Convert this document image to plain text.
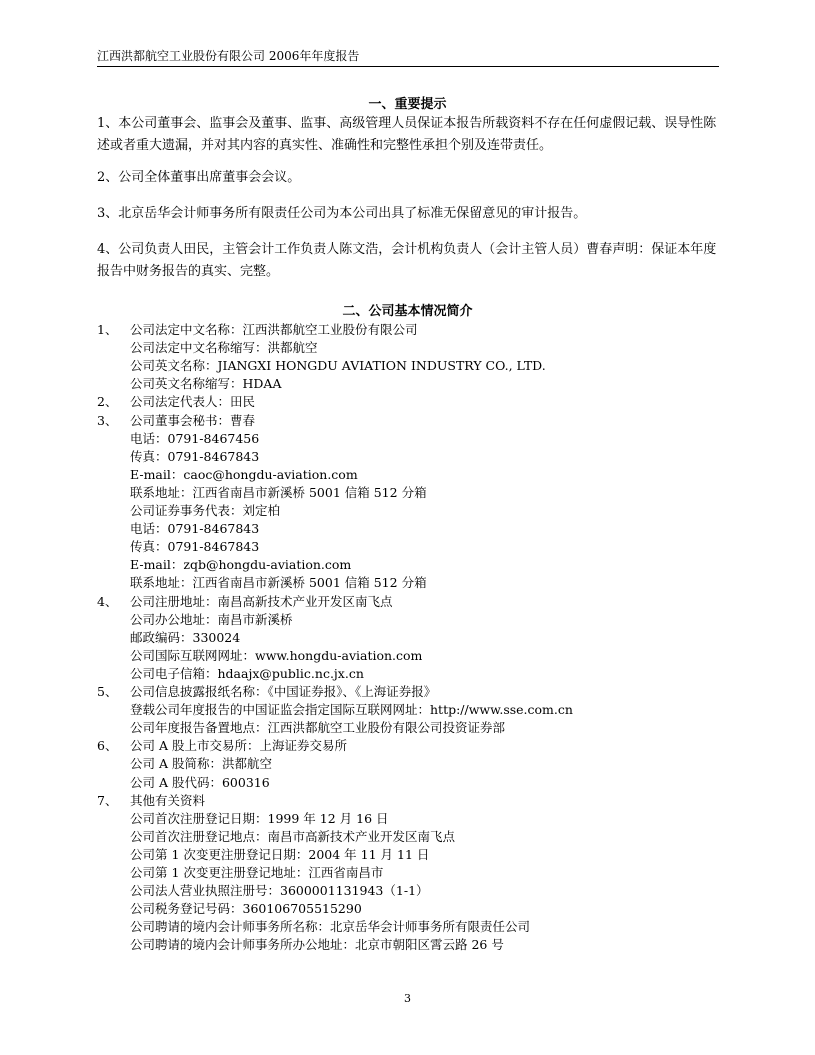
江西洪都航空工业股份有限公司 2006年年度报告
一、重要提示
1、本公司董事会、监事会及董事、监事、高级管理人员保证本报告所载资料不存在任何虚假记载、误导性陈述或者重大遗漏，并对其内容的真实性、准确性和完整性承担个别及连带责任。
2、公司全体董事出席董事会会议。
3、北京岳华会计师事务所有限责任公司为本公司出具了标准无保留意见的审计报告。
4、公司负责人田民，主管会计工作负责人陈文浩，会计机构负责人（会计主管人员）曹春声明：保证本年度报告中财务报告的真实、完整。
二、公司基本情况简介
1、 公司法定中文名称：江西洪都航空工业股份有限公司
公司法定中文名称缩写：洪都航空
公司英文名称：JIANGXI HONGDU AVIATION INDUSTRY CO., LTD.
公司英文名称缩写：HDAA
2、 公司法定代表人：田民
3、 公司董事会秘书：曹春
电话：0791-8467456
传真：0791-8467843
E-mail：caoc@hongdu-aviation.com
联系地址：江西省南昌市新溪桥 5001 信箱 512 分箱
公司证券事务代表：刘定柏
电话：0791-8467843
传真：0791-8467843
E-mail：zqb@hongdu-aviation.com
联系地址：江西省南昌市新溪桥 5001 信箱 512 分箱
4、 公司注册地址：南昌高新技术产业开发区南飞点
公司办公地址：南昌市新溪桥
邮政编码：330024
公司国际互联网网址：www.hongdu-aviation.com
公司电子信箱：hdaajx@public.nc.jx.cn
5、 公司信息披露报纸名称：《中国证券报》、《上海证券报》
登载公司年度报告的中国证监会指定国际互联网网址：http://www.sse.com.cn
公司年度报告备置地点：江西洪都航空工业股份有限公司投资证券部
6、 公司 A 股上市交易所：上海证券交易所
公司 A 股简称：洪都航空
公司 A 股代码：600316
7、 其他有关资料
公司首次注册登记日期：1999 年 12 月 16 日
公司首次注册登记地点：南昌市高新技术产业开发区南飞点
公司第 1 次变更注册登记日期：2004 年 11 月 11 日
公司第 1 次变更注册登记地址：江西省南昌市
公司法人营业执照注册号：3600001131943（1-1）
公司税务登记号码：360106705515290
公司聘请的境内会计师事务所名称：北京岳华会计师事务所有限责任公司
公司聘请的境内会计师事务所办公地址：北京市朝阳区霄云路 26 号
3
